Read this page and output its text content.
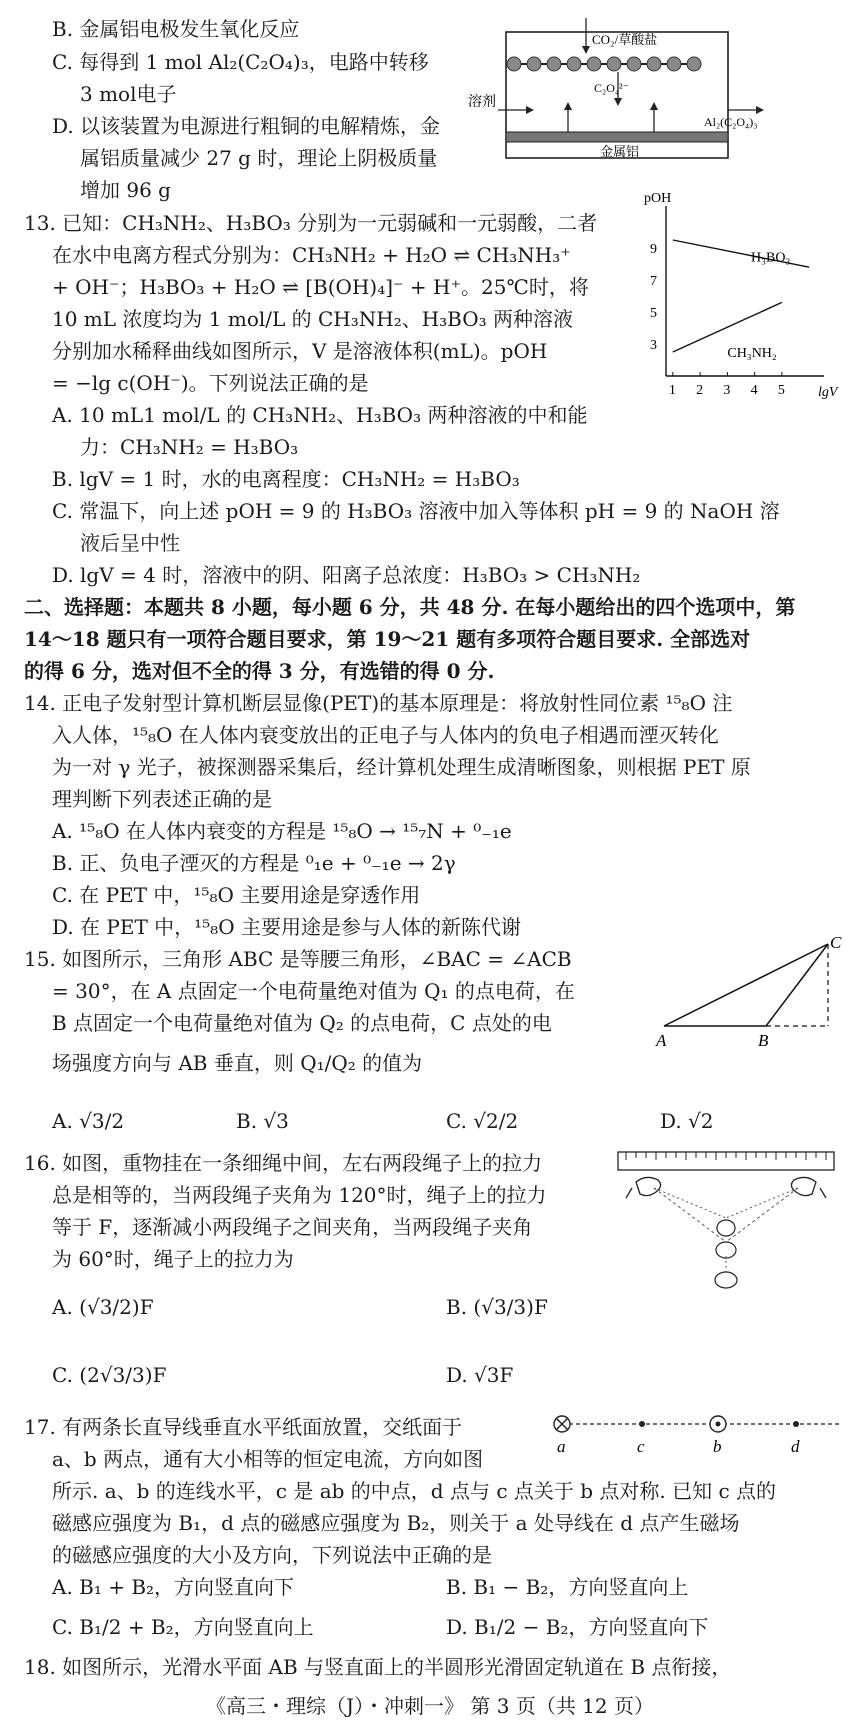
B. 金属铝电极发生氧化反应
C. 每得到 1 mol Al₂(C₂O₄)₃，电路中转移
3 mol电子
D. 以该装置为电源进行粗铜的电解精炼，金
属铝质量减少 27 g 时，理论上阴极质量
增加 96 g
CO₂/草酸盐
C₂O₄²⁻
溶剂
Al₂(C₂O₄)₃
金属铝
13. 已知：CH₃NH₂、H₃BO₃ 分别为一元弱碱和一元弱酸，二者
在水中电离方程式分别为：CH₃NH₂ + H₂O ⇌ CH₃NH₃⁺
+ OH⁻；H₃BO₃ + H₂O ⇌ [B(OH)₄]⁻ + H⁺。25℃时，将
10 mL 浓度均为 1 mol/L 的 CH₃NH₂、H₃BO₃ 两种溶液
分别加水稀释曲线如图所示，V 是溶液体积(mL)。pOH
= −lg c(OH⁻)。下列说法正确的是
A. 10 mL1 mol/L 的 CH₃NH₂、H₃BO₃ 两种溶液的中和能
力：CH₃NH₂ = H₃BO₃
B. lgV = 1 时，水的电离程度：CH₃NH₂ = H₃BO₃
C. 常温下，向上述 pOH = 9 的 H₃BO₃ 溶液中加入等体积 pH = 9 的 NaOH 溶
液后呈中性
D. lgV = 4 时，溶液中的阴、阳离子总浓度：H₃BO₃ > CH₃NH₂
pOH
lgV
1 2 3 4 5
3
5
7
9
H₃BO₃
CH₃NH₂
二、选择题：本题共 8 小题，每小题 6 分，共 48 分. 在每小题给出的四个选项中，第
14～18 题只有一项符合题目要求，第 19～21 题有多项符合题目要求. 全部选对
的得 6 分，选对但不全的得 3 分，有选错的得 0 分.
14. 正电子发射型计算机断层显像(PET)的基本原理是：将放射性同位素 ¹⁵₈O 注
入人体，¹⁵₈O 在人体内衰变放出的正电子与人体内的负电子相遇而湮灭转化
为一对 γ 光子，被探测器采集后，经计算机处理生成清晰图象，则根据 PET 原
理判断下列表述正确的是
A. ¹⁵₈O 在人体内衰变的方程是 ¹⁵₈O → ¹⁵₇N + ⁰₋₁e
B. 正、负电子湮灭的方程是 ⁰₁e + ⁰₋₁e → 2γ
C. 在 PET 中，¹⁵₈O 主要用途是穿透作用
D. 在 PET 中，¹⁵₈O 主要用途是参与人体的新陈代谢
15. 如图所示，三角形 ABC 是等腰三角形，∠BAC = ∠ACB
= 30°，在 A 点固定一个电荷量绝对值为 Q₁ 的点电荷，在
B 点固定一个电荷量绝对值为 Q₂ 的点电荷，C 点处的电
场强度方向与 AB 垂直，则 Q₁/Q₂ 的值为
A. √3/2	B. √3	C. √2/2	D. √2
A	B
C
16. 如图，重物挂在一条细绳中间，左右两段绳子上的拉力
总是相等的，当两段绳子夹角为 120°时，绳子上的拉力
等于 F，逐渐减小两段绳子之间夹角，当两段绳子夹角
为 60°时，绳子上的拉力为
A. (√3/2)F	B. (√3/3)F
C. (2√3/3)F	D. √3F
17. 有两条长直导线垂直水平纸面放置，交纸面于
a、b 两点，通有大小相等的恒定电流，方向如图
所示. a、b 的连线水平，c 是 ab 的中点，d 点与 c 点关于 b 点对称. 已知 c 点的
磁感应强度为 B₁，d 点的磁感应强度为 B₂，则关于 a 处导线在 d 点产生磁场
的磁感应强度的大小及方向，下列说法中正确的是
A. B₁ + B₂，方向竖直向下	B. B₁ − B₂，方向竖直向上
C. B₁/2 + B₂，方向竖直向上	D. B₁/2 − B₂，方向竖直向下
a	c	b	d
18. 如图所示，光滑水平面 AB 与竖直面上的半圆形光滑固定轨道在 B 点衔接，
《高三・理综（J）・冲刺一》 第 3 页（共 12 页）
